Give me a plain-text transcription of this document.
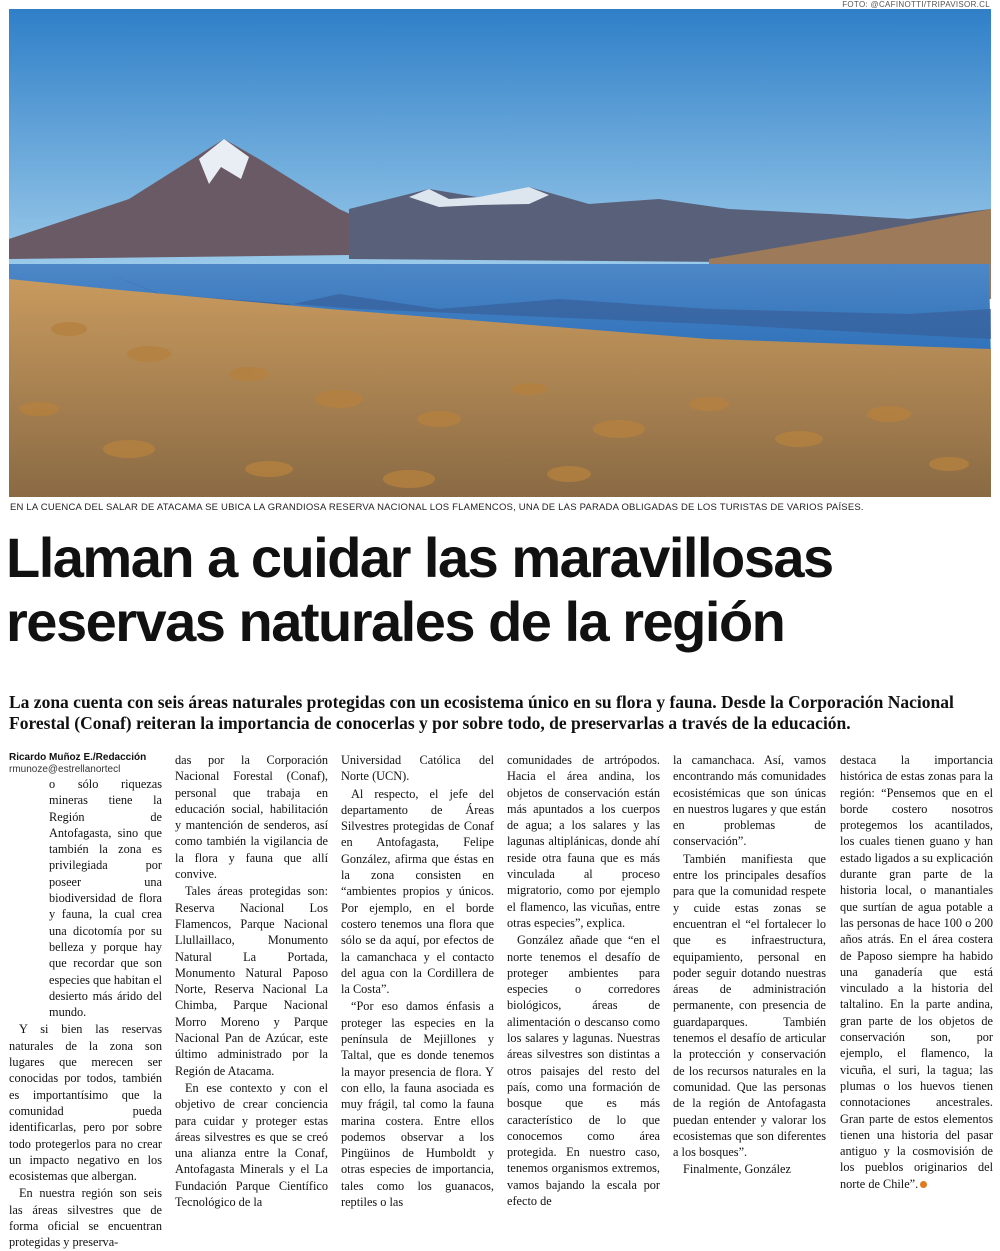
FOTO: @CAFINOTTI/TRIPAVISOR.CL
EN LA CUENCA DEL SALAR DE ATACAMA SE UBICA LA GRANDIOSA RESERVA NACIONAL LOS FLAMENCOS, UNA DE LAS PARADA OBLIGADAS DE LOS TURISTAS DE VARIOS PAÍSES.
Llaman a cuidar las maravillosas
reservas naturales de la región

La zona cuenta con seis áreas naturales protegidas con un ecosistema único en su flora y fauna. Desde la Corporación Nacional Forestal (Conaf) reiteran la importancia de conocerlas y por sobre todo, de preservarlas a través de la educación.

Ricardo Muñoz E./Redacción
rmunoze@estrellanortecl

o sólo riquezas mineras tiene la Región de Antofagasta, sino que también la zona es privilegiada por poseer una biodiversidad de flora y fauna, la cual crea una dicotomía por su belleza y porque hay que recordar que son especies que habitan el desierto más árido del mundo.

Y si bien las reservas naturales de la zona son lugares que merecen ser conocidas por todos, también es importantísimo que la comunidad pueda identificarlas, pero por sobre todo protegerlos para no crear un impacto negativo en los ecosistemas que albergan.

En nuestra región son seis las áreas silvestres que de forma oficial se encuentran protegidas y preserva-

das por la Corporación Nacional Forestal (Conaf), personal que trabaja en educación social, habilitación y mantención de senderos, así como también la vigilancia de la flora y fauna que allí convive.

Tales áreas protegidas son: Reserva Nacional Los Flamencos, Parque Nacional Llullaillaco, Monumento Natural La Portada, Monumento Natural Paposo Norte, Reserva Nacional La Chimba, Parque Nacional Morro Moreno y Parque Nacional Pan de Azúcar, este último administrado por la Región de Atacama.

En ese contexto y con el objetivo de crear conciencia para cuidar y proteger estas áreas silvestres es que se creó una alianza entre la Conaf, Antofagasta Minerals y el La Fundación Parque Científico Tecnológico de la

Universidad Católica del Norte (UCN).

Al respecto, el jefe del departamento de Áreas Silvestres protegidas de Conaf en Antofagasta, Felipe González, afirma que éstas en la zona consisten en “ambientes propios y únicos. Por ejemplo, en el borde costero tenemos una flora que sólo se da aquí, por efectos de la camanchaca y el contacto del agua con la Cordillera de la Costa”.

“Por eso damos énfasis a proteger las especies en la península de Mejillones y Taltal, que es donde tenemos la mayor presencia de flora. Y con ello, la fauna asociada es muy frágil, tal como la fauna marina costera. Entre ellos podemos observar a los Pingüinos de Humboldt y otras especies de importancia, tales como los guanacos, reptiles o las

comunidades de artrópodos. Hacia el área andina, los objetos de conservación están más apuntados a los cuerpos de agua; a los salares y las lagunas altiplánicas, donde ahí reside otra fauna que es más vinculada al proceso migratorio, como por ejemplo el flamenco, las vicuñas, entre otras especies”, explica.

González añade que “en el norte tenemos el desafío de proteger ambientes para especies o corredores biológicos, áreas de alimentación o descanso como los salares y lagunas. Nuestras áreas silvestres son distintas a otros paisajes del resto del país, como una formación de bosque que es más característico de lo que conocemos como área protegida. En nuestro caso, tenemos organismos extremos, vamos bajando la escala por efecto de

la camanchaca. Así, vamos encontrando más comunidades ecosistémicas que son únicas en nuestros lugares y que están en problemas de conservación”.

También manifiesta que entre los principales desafíos para que la comunidad respete y cuide estas zonas se encuentran el “el fortalecer lo que es infraestructura, equipamiento, personal en poder seguir dotando nuestras áreas de administración permanente, con presencia de guardaparques. También tenemos el desafío de articular la protección y conservación de los recursos naturales en la comunidad. Que las personas de la región de Antofagasta puedan entender y valorar los ecosistemas que son diferentes a los bosques”.

Finalmente, González

destaca la importancia histórica de estas zonas para la región: “Pensemos que en el borde costero nosotros protegemos los acantilados, los cuales tienen guano y han estado ligados a su explicación durante gran parte de la historia local, o manantiales que surtían de agua potable a las personas de hace 100 o 200 años atrás. En el área costera de Paposo siempre ha habido una ganadería que está vinculado a la historia del taltalino. En la parte andina, gran parte de los objetos de conservación son, por ejemplo, el flamenco, la vicuña, el suri, la tagua; las plumas o los huevos tienen connotaciones ancestrales. Gran parte de estos elementos tienen una historia del pasar antiguo y la cosmovisión de los pueblos originarios del norte de Chile”.
